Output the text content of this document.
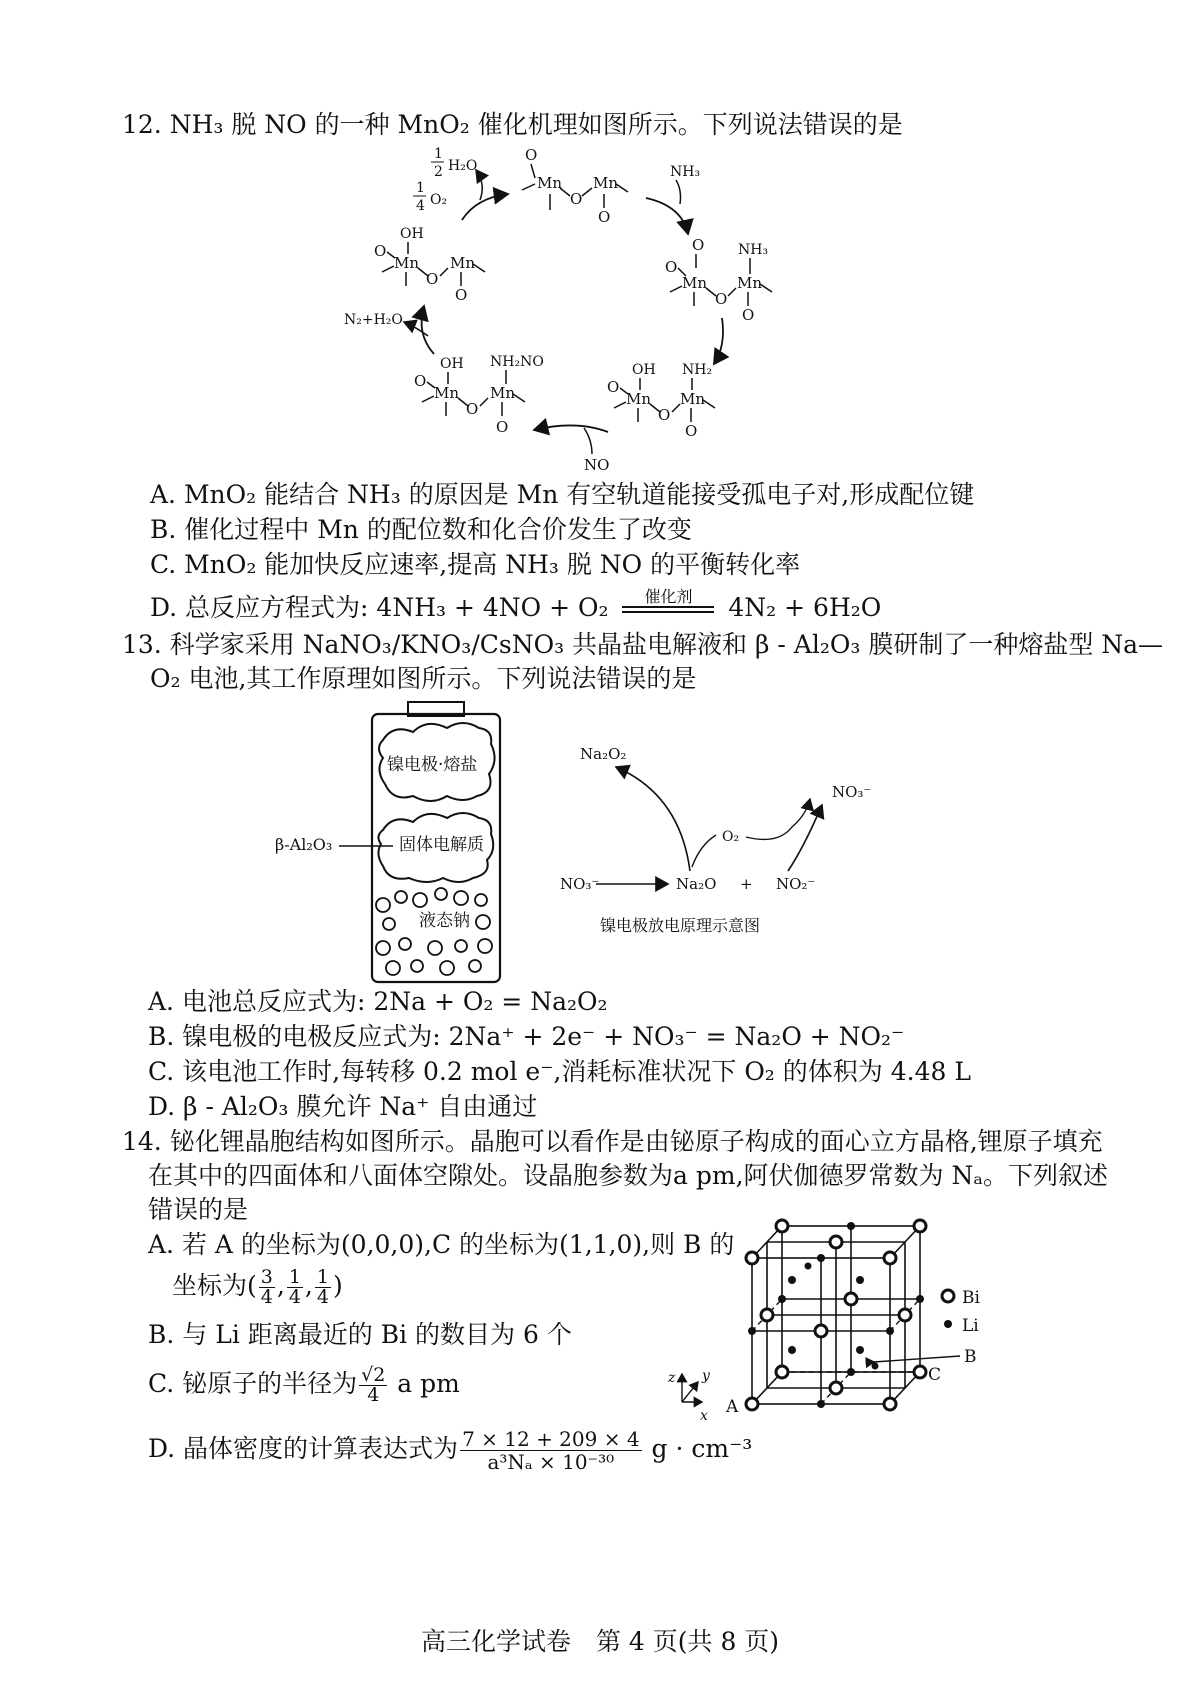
12. NH₃ 脱 NO 的一种 MnO₂ 催化机理如图所示。下列说法错误的是
O
Mn
O
Mn
O
O
O
Mn
O
NH₃
Mn
O
OH
O
Mn
O
NH₂
Mn
O
OH
O
Mn
O
NH₂NO
Mn
O
OH
O
Mn
O
Mn
O
1
2 H₂O
1
4 O₂
NH₃
NO
N₂+H₂O
A. MnO₂ 能结合 NH₃ 的原因是 Mn 有空轨道能接受孤电子对,形成配位键
B. 催化过程中 Mn 的配位数和化合价发生了改变
C. MnO₂ 能加快反应速率,提高 NH₃ 脱 NO 的平衡转化率
D. 总反应方程式为: 4NH₃ + 4NO + O₂	催化剂	4N₂ + 6H₂O
13. 科学家采用 NaNO₃/KNO₃/CsNO₃ 共晶盐电解液和 β - Al₂O₃ 膜研制了一种熔盐型 Na—
O₂ 电池,其工作原理如图所示。下列说法错误的是
镍电极·熔盐
固体电解质
液态钠
β-Al₂O₃
Na₂O₂
NO₃⁻
O₂
NO₃⁻	Na₂O + NO₂⁻
镍电极放电原理示意图
A. 电池总反应式为: 2Na + O₂ = Na₂O₂
B. 镍电极的电极反应式为: 2Na⁺ + 2e⁻ + NO₃⁻ = Na₂O + NO₂⁻
C. 该电池工作时,每转移 0.2 mol e⁻,消耗标准状况下 O₂ 的体积为 4.48 L
D. β - Al₂O₃ 膜允许 Na⁺ 自由通过
14. 铋化锂晶胞结构如图所示。晶胞可以看作是由铋原子构成的面心立方晶格,锂原子填充
在其中的四面体和八面体空隙处。设晶胞参数为a pm,阿伏伽德罗常数为 Nₐ。下列叙述
错误的是
A. 若 A 的坐标为(0,0,0),C 的坐标为(1,1,0),则 B 的
坐标为( $\frac{3}{4}$ , $\frac{1}{4}$ , $\frac{1}{4}$ )
B. 与 Li 距离最近的 Bi 的数目为 6 个
C. 铋原子的半径为 $\frac{√2}{4}$ a pm
D. 晶体密度的计算表达式为 $\frac{7 \times 12 + 209 \times 4}{\text{a³Nₐ × 10⁻³⁰}}$ g · cm⁻³
Bi
Li
B
C
A
z y
x
高三化学试卷　第 4 页(共 8 页)
